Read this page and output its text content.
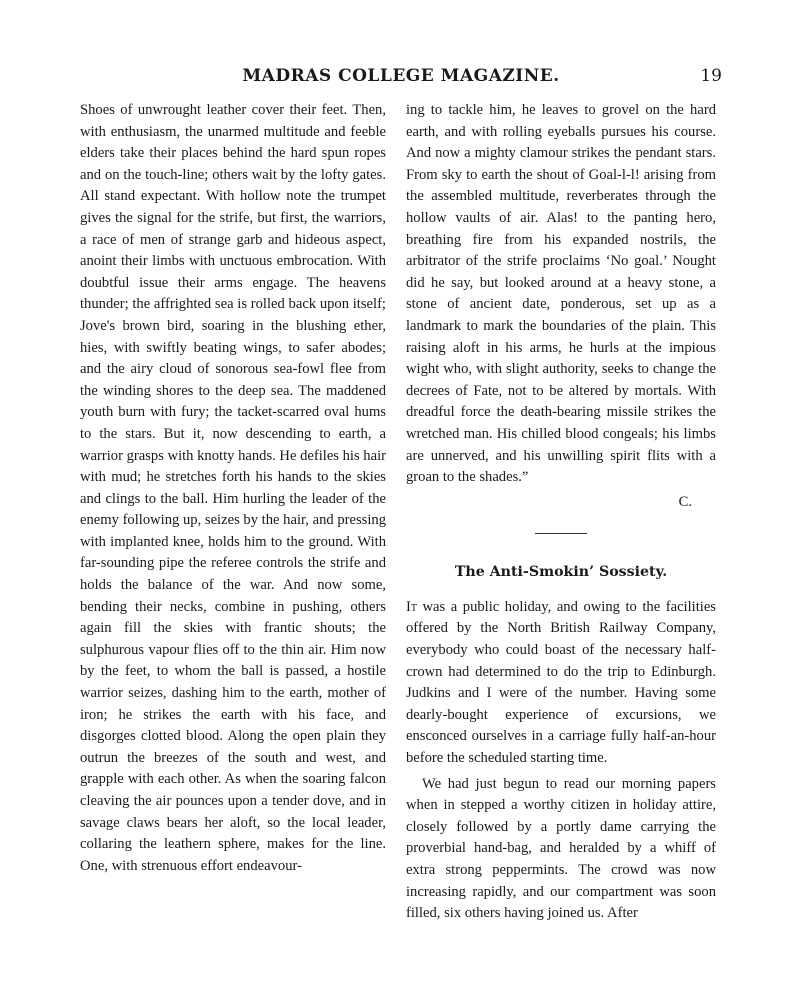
MADRAS COLLEGE MAGAZINE.	19

Shoes of unwrought leather cover their feet. Then, with enthusiasm, the unarmed multitude and feeble elders take their places behind the hard spun ropes and on the touch-line; others wait by the lofty gates. All stand expectant. With hollow note the trumpet gives the signal for the strife, but first, the warriors, a race of men of strange garb and hideous aspect, anoint their limbs with unctuous embrocation. With doubtful issue their arms engage. The heavens thunder; the affrighted sea is rolled back upon itself; Jove's brown bird, soaring in the blushing ether, hies, with swiftly beating wings, to safer abodes; and the airy cloud of sonorous sea-fowl flee from the winding shores to the deep sea. The maddened youth burn with fury; the tacket-scarred oval hums to the stars. But it, now descending to earth, a warrior grasps with knotty hands. He defiles his hair with mud; he stretches forth his hands to the skies and clings to the ball. Him hurling the leader of the enemy following up, seizes by the hair, and pressing with implanted knee, holds him to the ground. With far-sounding pipe the referee controls the strife and holds the balance of the war. And now some, bending their necks, combine in pushing, others again fill the skies with frantic shouts; the sulphurous vapour flies off to the thin air. Him now by the feet, to whom the ball is passed, a hostile warrior seizes, dashing him to the earth, mother of iron; he strikes the earth with his face, and disgorges clotted blood. Along the open plain they outrun the breezes of the south and west, and grapple with each other. As when the soaring falcon cleaving the air pounces upon a tender dove, and in savage claws bears her aloft, so the local leader, collaring the leathern sphere, makes for the line. One, with strenuous effort endeavour-

ing to tackle him, he leaves to grovel on the hard earth, and with rolling eyeballs pursues his course. And now a mighty clamour strikes the pendant stars. From sky to earth the shout of Goal-l-l! arising from the assembled multitude, reverberates through the hollow vaults of air. Alas! to the panting hero, breathing fire from his expanded nostrils, the arbitrator of the strife proclaims ‘No goal.’ Nought did he say, but looked around at a heavy stone, a stone of ancient date, ponderous, set up as a landmark to mark the boundaries of the plain. This raising aloft in his arms, he hurls at the impious wight who, with slight authority, seeks to change the decrees of Fate, not to be altered by mortals. With dreadful force the death-bearing missile strikes the wretched man. His chilled blood congeals; his limbs are unnerved, and his unwilling spirit flits with a groan to the shades.”

C.
The Anti-Smokin’ Sossiety.

It was a public holiday, and owing to the facilities offered by the North British Railway Company, everybody who could boast of the necessary half-crown had determined to do the trip to Edinburgh. Judkins and I were of the number. Having some dearly-bought experience of excursions, we ensconced ourselves in a carriage fully half-an-hour before the scheduled starting time.

We had just begun to read our morning papers when in stepped a worthy citizen in holiday attire, closely followed by a portly dame carrying the proverbial hand-bag, and heralded by a whiff of extra strong peppermints. The crowd was now increasing rapidly, and our compartment was soon filled, six others having joined us. After
